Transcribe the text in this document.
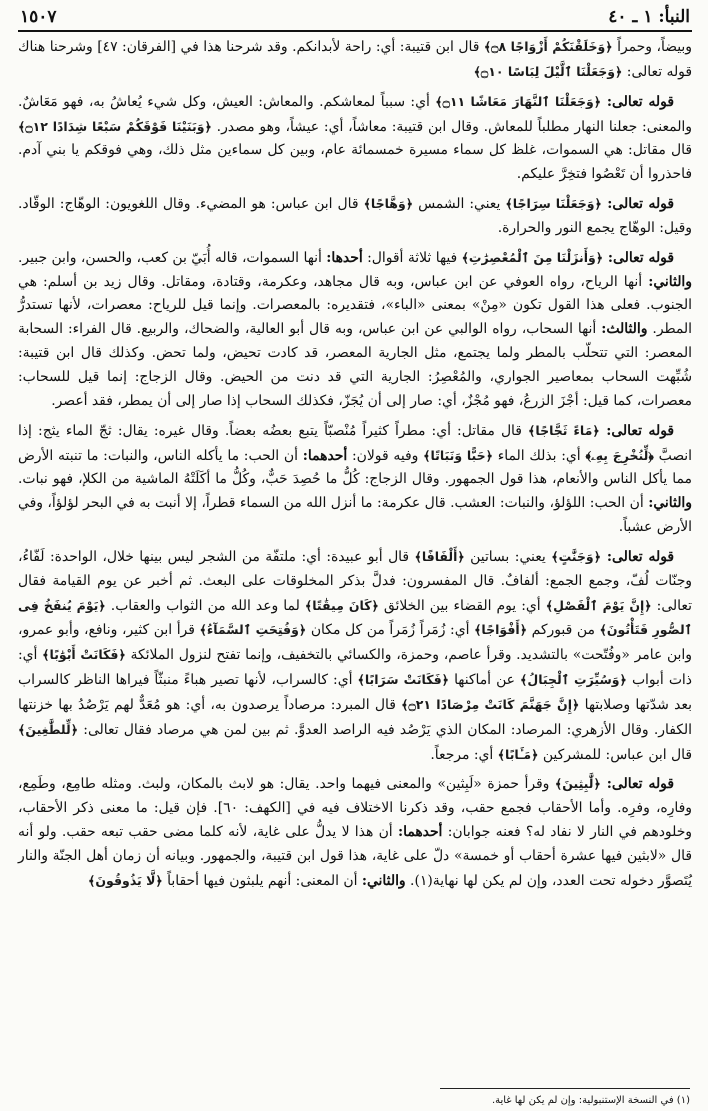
النبأ: ١ ـ ٤٠
١٥٠٧

وبيضاً، وحمراً ﴿وَخَلَقْنَكُمْ أَزْوَاجًا ۝٨﴾ قال ابن قتيبة: أي: راحة لأبدانكم. وقد شرحنا هذا في [الفرقان: ٤٧] وشرحنا هناك قوله تعالى: ﴿وَجَعَلْنَا ٱلَّيْلَ لِبَاسًا ۝١٠﴾

قوله تعالى: ﴿وَجَعَلْنَا ٱلنَّهَارَ مَعَاشًا ۝١١﴾ أي: سبباً لمعاشكم. والمعاش: العيش، وكل شيء يُعاشُ به، فهو مَعَاشٌ. والمعنى: جعلنا النهار مطلباً للمعاش. وقال ابن قتيبة: معاشاً، أي: عيشاً، وهو مصدر. ﴿وَبَنَيْنَا فَوْقَكُمْ سَبْعًا شِدَادًا ۝١٢﴾ قال مقاتل: هي السموات، غلظ كل سماء مسيرة خمسمائة عام، وبين كل سماءين مثل ذلك، وهي فوقكم يا بني آدم. فاحذروا أن تَعْصُوا فتخِرَّ عليكم.

قوله تعالى: ﴿وَجَعَلْنَا سِرَاجًا﴾ يعني: الشمس ﴿وَهَّاجًا﴾ قال ابن عباس: هو المضيء. وقال اللغويون: الوهّاج: الوقّاد. وقيل: الوهّاج يجمع النور والحرارة.

قوله تعالى: ﴿وَأَنزَلْنَا مِنَ ٱلْمُعْصِرَٰتِ﴾ فيها ثلاثة أقوال: أحدها: أنها السموات، قاله أُبَيّ بن كعب، والحسن، وابن جبير. والثاني: أنها الرياح، رواه العوفي عن ابن عباس، وبه قال مجاهد، وعكرمة، وقتادة، ومقاتل. وقال زيد بن أسلم: هي الجنوب. فعلى هذا القول تكون «مِنْ» بمعنى «الباء»، فتقديره: بالمعصرات. وإنما قيل للرياح: معصرات، لأنها تستدرُّ المطر. والثالث: أنها السحاب، رواه الوالبي عن ابن عباس، وبه قال أبو العالية، والضحاك، والربيع. قال الفراء: السحابة المعصر: التي تتحلّب بالمطر ولما يجتمع، مثل الجارية المعصر، قد كادت تحيض، ولما تحض. وكذلك قال ابن قتيبة: شُبِّهت السحاب بمعاصير الجواري، والمُعْصِرُ: الجارية التي قد دنت من الحيض. وقال الزجاج: إنما قيل للسحاب: معصرات، كما قيل: أجْزَ الزرعُ، فهو مُجْزٌ، أي: صار إلى أن يُجَزّ، فكذلك السحاب إذا صار إلى أن يمطر، فقد أعصر.

قوله تعالى: ﴿مَاءً ثَجَّاجًا﴾ قال مقاتل: أي: مطراً كثيراً مُنْصبّاً يتبع بعضُه بعضاً. وقال غيره: يقال: ثجّ الماء يثج: إذا انصبَّ ﴿لِّنُخْرِجَ بِهِۦ﴾ أي: بذلك الماء ﴿حَبًّا وَنَبَاتًا﴾ وفيه قولان: أحدهما: أن الحب: ما يأكله الناس، والنبات: ما تنبته الأرض مما يأكل الناس والأنعام، هذا قول الجمهور. وقال الزجاج: كُلُّ ما حُصِدَ حَبٌّ، وكُلُّ ما أكَلَتْهُ الماشية من الكلإ، فهو نبات. والثاني: أن الحب: اللؤلؤ، والنبات: العشب. قال عكرمة: ما أنزل الله من السماء قطراً، إلا أنبت به في البحر لؤلؤاً، وفي الأرض عشباً.

قوله تعالى: ﴿وَجَنَّٰتٍ﴾ يعني: بساتين ﴿أَلْفَافًا﴾ قال أبو عبيدة: أي: ملتفّة من الشجر ليس بينها خلال، الواحدة: لَفّاءُ، وجنّات لُفّ، وجمع الجمع: ألفافٌ. قال المفسرون: فدلَّ بذكر المخلوقات على البعث. ثم أخبر عن يوم القيامة فقال تعالى: ﴿إِنَّ يَوْمَ ٱلْفَصْلِ﴾ أي: يوم القضاء بين الخلائق ﴿كَانَ مِيقَٰتًا﴾ لما وعد الله من الثواب والعقاب. ﴿يَوْمَ يُنفَخُ فِى ٱلصُّورِ فَتَأْتُونَ﴾ من قبوركم ﴿أَفْوَاجًا﴾ أي: زُمَراً زُمَراً من كل مكان ﴿وَفُتِحَتِ ٱلسَّمَآءُ﴾ قرأ ابن كثير، ونافع، وأبو عمرو، وابن عامر «وفُتّحت» بالتشديد. وقرأ عاصم، وحمزة، والكسائي بالتخفيف، وإنما تفتح لنزول الملائكة ﴿فَكَانَتْ أَبْوَٰبًا﴾ أي: ذات أبواب ﴿وَسُيِّرَتِ ٱلْجِبَالُ﴾ عن أماكنها ﴿فَكَانَتْ سَرَابًا﴾ أي: كالسراب، لأنها تصير هباءً منبثّاً فيراها الناظر كالسراب بعد شدّتها وصلابتها ﴿إِنَّ جَهَنَّمَ كَانَتْ مِرْصَادًا ۝٢١﴾ قال المبرد: مرصاداً يرصدون به، أي: هو مُعَدٌّ لهم يَرْصُدُ بها خزنتها الكفار. وقال الأزهري: المرصاد: المكان الذي يَرْصُد فيه الراصد العدوَّ. ثم بين لمن هي مرصاد فقال تعالى: ﴿لِّلطَّٰغِينَ﴾ قال ابن عباس: للمشركين ﴿مَـَٔابًا﴾ أي: مرجعاً.

قوله تعالى: ﴿لَّٰبِثِينَ﴾ وقرأ حمزة «لَبِثين» والمعنى فيهما واحد. يقال: هو لابث بالمكان، ولبث. ومثله طامِع، وطَمِع، وفارِه، وفرِه. وأما الأحقاب فجمع حقب، وقد ذكرنا الاختلاف فيه في [الكهف: ٦٠]. فإن قيل: ما معنى ذكر الأحقاب، وخلودهم في النار لا نفاد له؟ فعنه جوابان: أحدهما: أن هذا لا يدلُّ على غاية، لأنه كلما مضى حقب تبعه حقب. ولو أنه قال «لابثين فيها عشرة أحقاب أو خمسة» دلّ على غاية، هذا قول ابن قتيبة، والجمهور. وبيانه أن زمان أهل الجنّة والنار يُتَصوَّر دخوله تحت العدد، وإن لم يكن لها نهاية(١). والثاني: أن المعنى: أنهم يلبثون فيها أحقاباً ﴿لَّا يَذُوقُونَ﴾

(١) في النسخة الإستنبولية: وإن لم يكن لها غاية.
